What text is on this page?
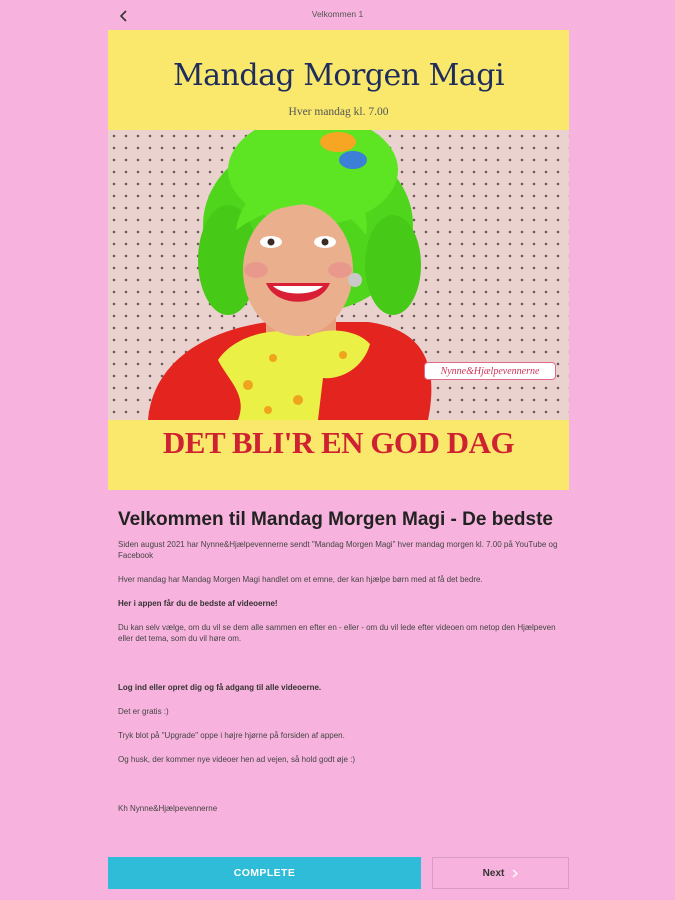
Velkommen 1
Mandag Morgen Magi
Hver mandag kl. 7.00
Nynne&Hjælpevennerne
DET BLI'R EN GOD DAG
Velkommen til Mandag Morgen Magi - De bedste

Siden august 2021 har Nynne&Hjælpevennerne sendt "Mandag Morgen Magi" hver mandag morgen kl. 7.00 på YouTube og Facebook

Hver mandag har Mandag Morgen Magi handlet om et emne, der kan hjælpe børn med at få det bedre.

Her i appen får du de bedste af videoerne!

Du kan selv vælge, om du vil se dem alle sammen en efter en - eller - om du vil lede efter videoen om netop den Hjælpeven eller det tema, som du vil høre om.

Log ind eller opret dig og få adgang til alle videoerne.

Det er gratis :)

Tryk blot på "Upgrade" oppe i højre hjørne på forsiden af appen.

Og husk, der kommer nye videoer hen ad vejen, så hold godt øje :)

Kh Nynne&Hjælpevennerne

COMPLETE	Next
